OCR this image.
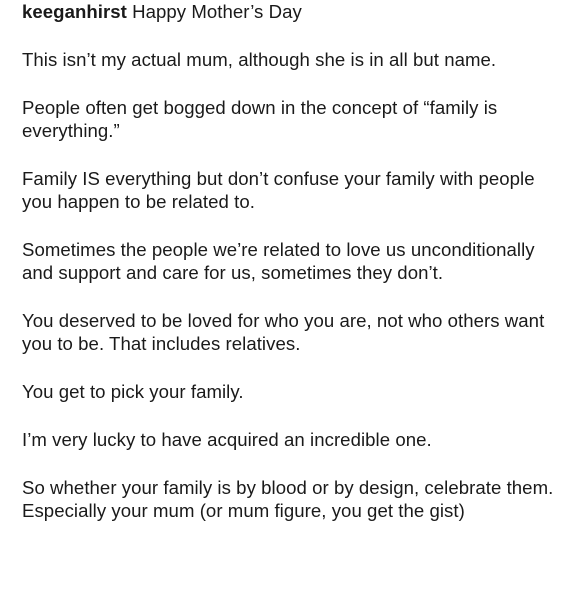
keeganhirst Happy Mother’s Day

This isn’t my actual mum, although she is in all but name.

People often get bogged down in the concept of “family is everything.”

Family IS everything but don’t confuse your family with people you happen to be related to.

Sometimes the people we’re related to love us unconditionally and support and care for us, sometimes they don’t.

You deserved to be loved for who you are, not who others want you to be. That includes relatives.

You get to pick your family.

I’m very lucky to have acquired an incredible one.

So whether your family is by blood or by design, celebrate them. Especially your mum (or mum figure, you get the gist)
